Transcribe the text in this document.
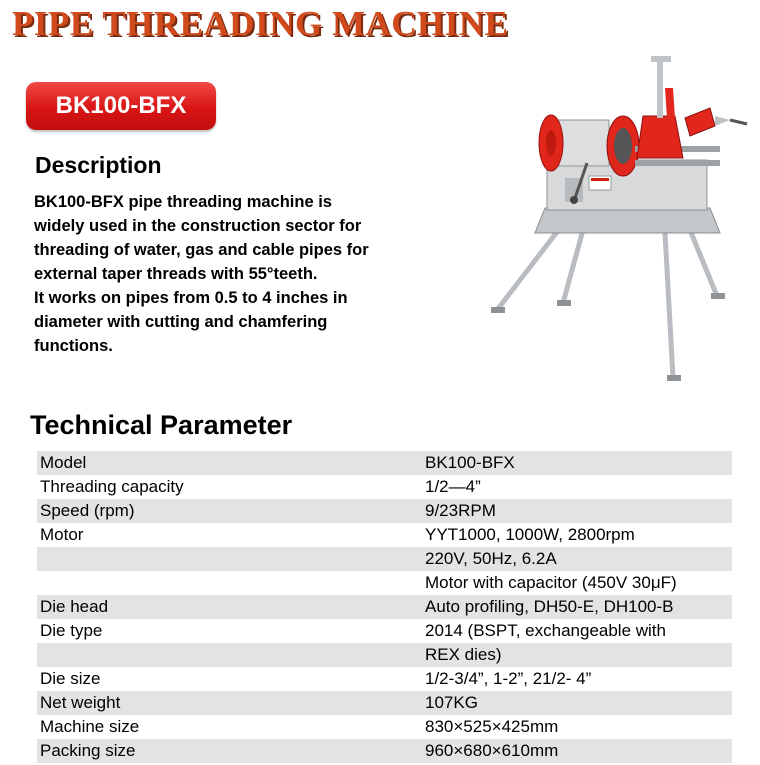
PIPE THREADING MACHINE
BK100-BFX
Description
BK100-BFX pipe threading machine is
widely used in the construction sector for
threading of water, gas and cable pipes for
external taper threads with 55°teeth.
It works on pipes from 0.5 to 4 inches in
diameter with cutting and chamfering
functions.
Technical Parameter
Model	BK100-BFX
Threading capacity	1/2—4”
Speed (rpm)	9/23RPM
Motor	YYT1000, 1000W, 2800rpm
	220V, 50Hz, 6.2A
	Motor with capacitor (450V 30μF)
Die head	Auto profiling, DH50-E, DH100-B
Die type	2014 (BSPT, exchangeable with
	REX dies)
Die size	1/2-3/4”, 1-2”, 21/2- 4”
Net weight	107KG
Machine size	830×525×425mm
Packing size	960×680×610mm
